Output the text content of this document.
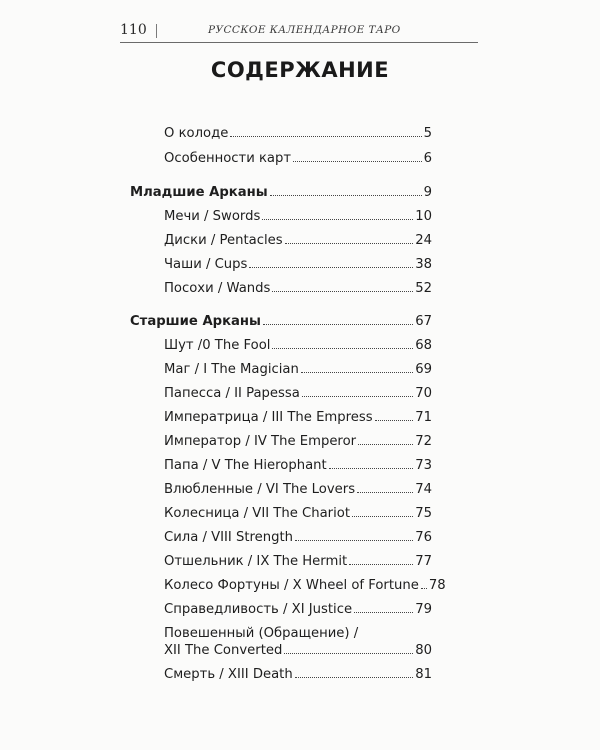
110	РУССКОЕ КАЛЕНДАРНОЕ ТАРО
СОДЕРЖАНИЕ
О колоде	5
Особенности карт	6
Младшие Арканы	9
Мечи / Swords	10
Диски / Pentacles	24
Чаши / Cups	38
Посохи / Wands	52
Старшие Арканы	67
Шут /0 The Fool	68
Маг / I The Magician	69
Папесса / II Papessa	70
Императрица / III The Empress	71
Император / IV The Emperor	72
Папа / V The Hierophant	73
Влюбленные / VI The Lovers	74
Колесница / VII The Chariot	75
Сила / VIII Strength	76
Отшельник / IX The Hermit	77
Колесо Фортуны / X Wheel of Fortune 78
Справедливость / XI Justice	79
Повешенный (Обращение) /
XII The Converted	80
Смерть / XIII Death	81
